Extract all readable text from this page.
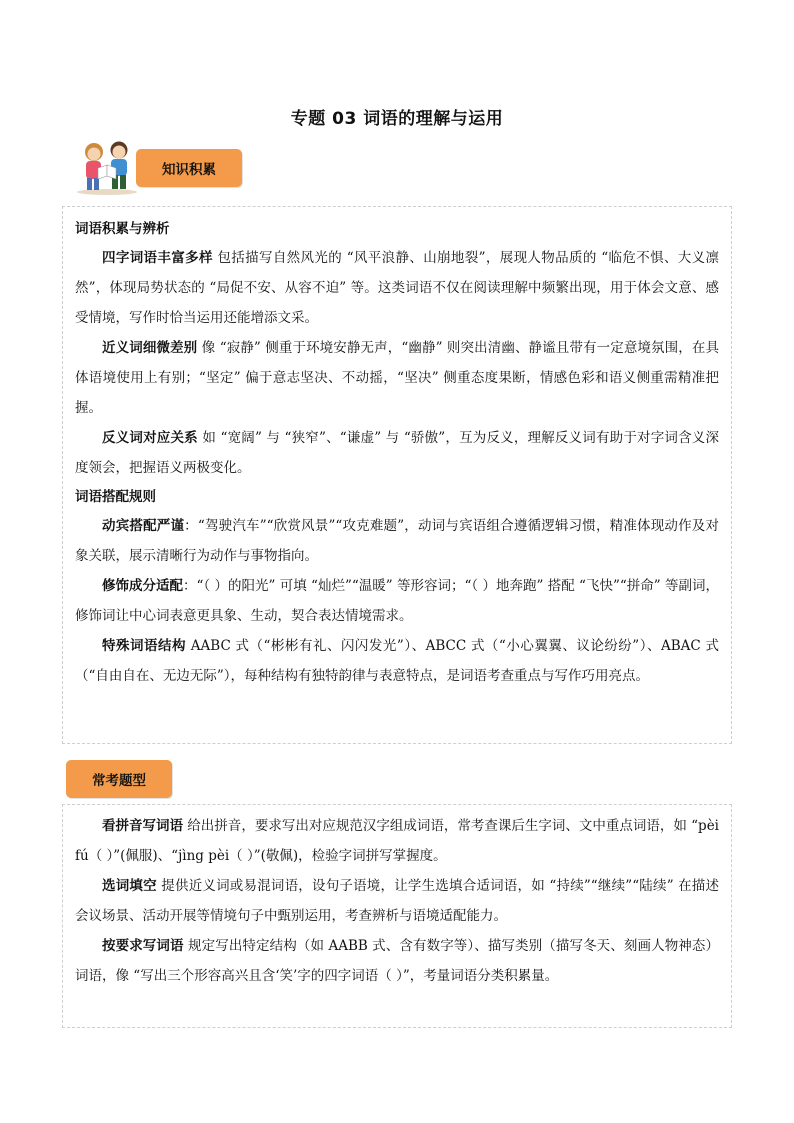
专题 03 词语的理解与运用
知识积累
词语积累与辨析

四字词语丰富多样 包括描写自然风光的 “风平浪静、山崩地裂”，展现人物品质的 “临危不惧、大义凛然”，体现局势状态的 “局促不安、从容不迫” 等。这类词语不仅在阅读理解中频繁出现，用于体会文意、感受情境，写作时恰当运用还能增添文采。

近义词细微差别 像 “寂静” 侧重于环境安静无声，“幽静” 则突出清幽、静谧且带有一定意境氛围，在具体语境使用上有别；“坚定” 偏于意志坚决、不动摇，“坚决” 侧重态度果断，情感色彩和语义侧重需精准把握。

反义词对应关系 如 “宽阔” 与 “狭窄”、“谦虚” 与 “骄傲”，互为反义，理解反义词有助于对字词含义深度领会，把握语义两极变化。

词语搭配规则

动宾搭配严谨：“驾驶汽车”“欣赏风景”“攻克难题”，动词与宾语组合遵循逻辑习惯，精准体现动作及对象关联，展示清晰行为动作与事物指向。

修饰成分适配：“（ ）的阳光” 可填 “灿烂”“温暖” 等形容词；“（ ）地奔跑” 搭配 “飞快”“拼命” 等副词，修饰词让中心词表意更具象、生动，契合表达情境需求。

特殊词语结构 AABC 式（“彬彬有礼、闪闪发光”）、ABCC 式（“小心翼翼、议论纷纷”）、ABAC 式（“自由自在、无边无际”），每种结构有独特韵律与表意特点，是词语考查重点与写作巧用亮点。

常考题型

看拼音写词语 给出拼音，要求写出对应规范汉字组成词语，常考查课后生字词、文中重点词语，如 “pèi fú（ ）”(佩服)、“jìng pèi（ ）”(敬佩)，检验字词拼写掌握度。

选词填空 提供近义词或易混词语，设句子语境，让学生选填合适词语，如 “持续”“继续”“陆续” 在描述会议场景、活动开展等情境句子中甄别运用，考查辨析与语境适配能力。

按要求写词语 规定写出特定结构（如 AABB 式、含有数字等）、描写类别（描写冬天、刻画人物神态）词语，像 “写出三个形容高兴且含‘笑’字的四字词语（ ）”，考量词语分类积累量。
